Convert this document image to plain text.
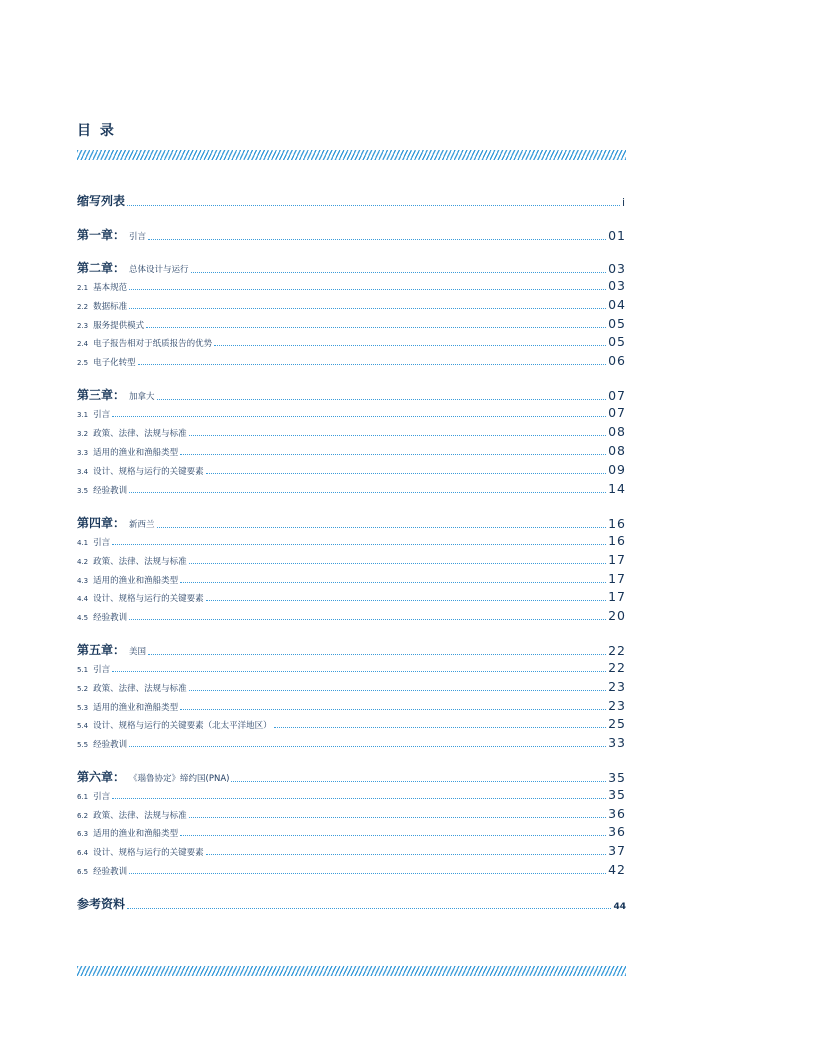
目 录
缩写列表	i
第一章： 引言	01
第二章： 总体设计与运行	03
2.1 基本规范	03
2.2 数据标准	04
2.3 服务提供模式	05
2.4 电子报告相对于纸质报告的优势	05
2.5 电子化转型	06
第三章： 加拿大	07
3.1 引言	07
3.2 政策、法律、法规与标准	08
3.3 适用的渔业和渔船类型	08
3.4 设计、规格与运行的关键要素	09
3.5 经验教训	14
第四章： 新西兰	16
4.1 引言	16
4.2 政策、法律、法规与标准	17
4.3 适用的渔业和渔船类型	17
4.4 设计、规格与运行的关键要素	17
4.5 经验教训	20
第五章： 美国	22
5.1 引言	22
5.2 政策、法律、法规与标准	23
5.3 适用的渔业和渔船类型	23
5.4 设计、规格与运行的关键要素（北太平洋地区）	25
5.5 经验教训	33
第六章： 《瑙鲁协定》缔约国(PNA)	35
6.1 引言	35
6.2 政策、法律、法规与标准	36
6.3 适用的渔业和渔船类型	36
6.4 设计、规格与运行的关键要素	37
6.5 经验教训	42
参考资料	44
